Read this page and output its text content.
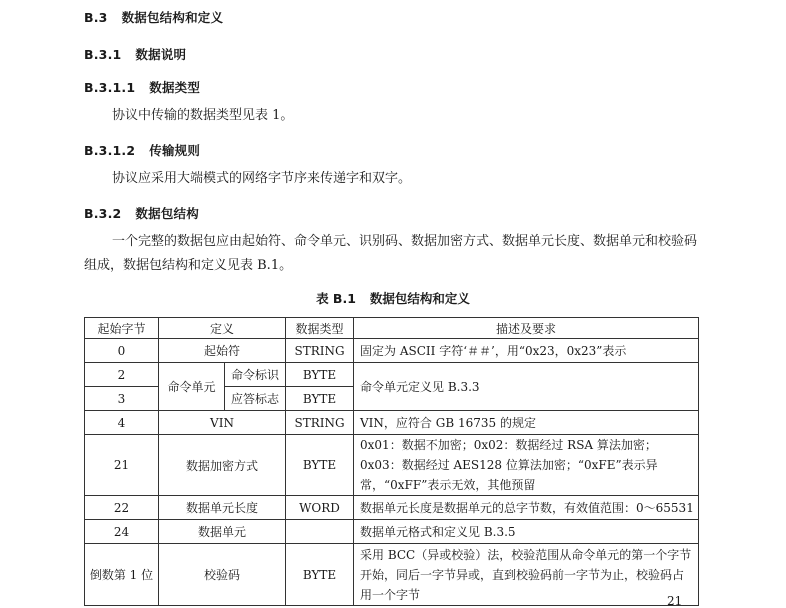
B.3 数据包结构和定义
B.3.1 数据说明
B.3.1.1 数据类型
协议中传输的数据类型见表 1。
B.3.1.2 传输规则
协议应采用大端模式的网络字节序来传递字和双字。
B.3.2 数据包结构
一个完整的数据包应由起始符、命令单元、识别码、数据加密方式、数据单元长度、数据单元和校验码组成，数据包结构和定义见表 B.1。
表 B.1 数据包结构和定义
起始字节	定义		数据类型	描述及要求
0	起始符		STRING	固定为 ASCII 字符‘＃＃’，用“0x23，0x23”表示
2	命令单元	命令标识	BYTE	命令单元定义见 B.3.3
3		应答标志	BYTE	
4	VIN		STRING	VIN，应符合 GB 16735 的规定
21	数据加密方式		BYTE	0x01：数据不加密；0x02：数据经过 RSA 算法加密；0x03：数据经过 AES128 位算法加密；“0xFE”表示异常，“0xFF”表示无效，其他预留
22	数据单元长度		WORD	数据单元长度是数据单元的总字节数，有效值范围：0～65531
24	数据单元			数据单元格式和定义见 B.3.5
倒数第 1 位	校验码		BYTE	采用 BCC（异或校验）法，校验范围从命令单元的第一个字节开始，同后一字节异或，直到校验码前一字节为止，校验码占用一个字节	21
